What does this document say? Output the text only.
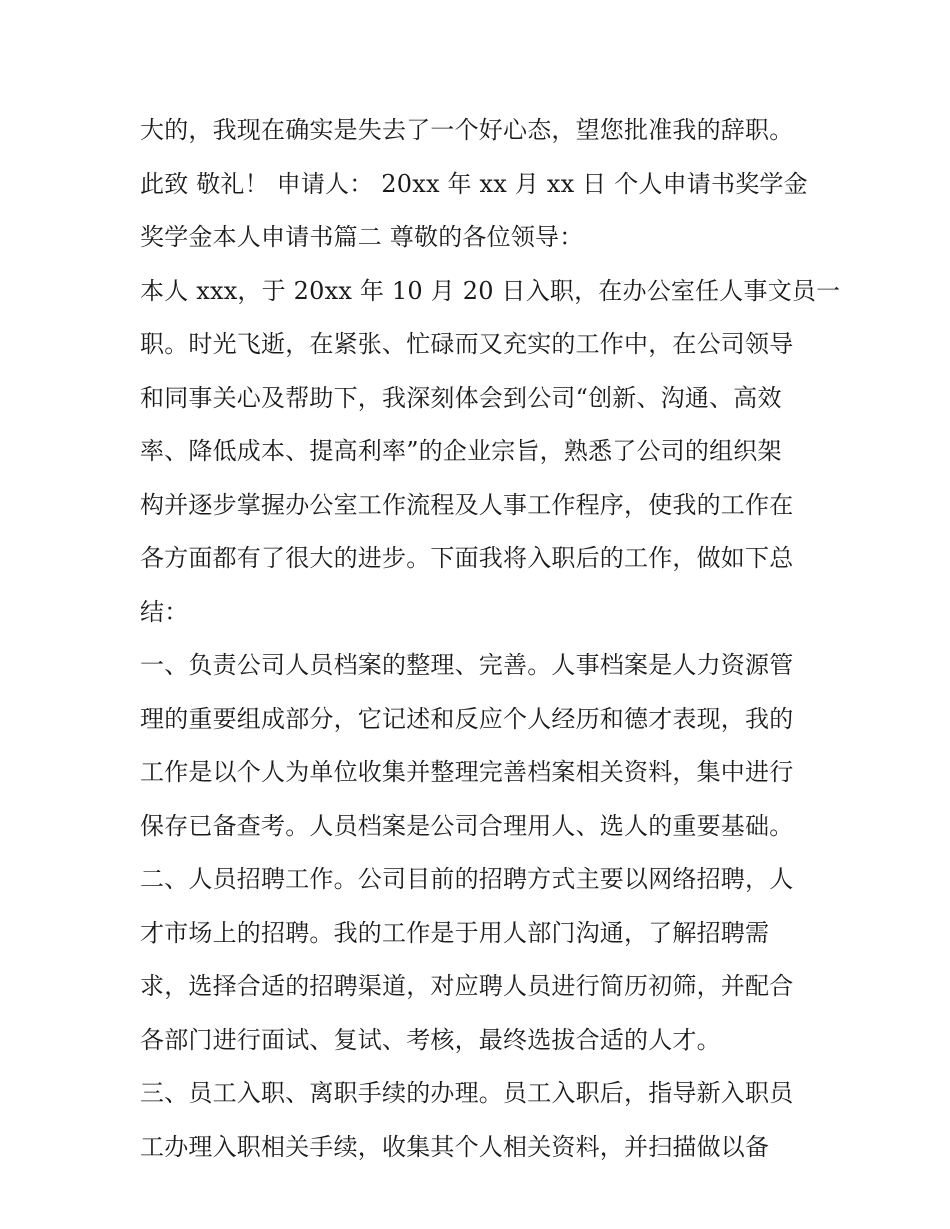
大的，我现在确实是失去了一个好心态，望您批准我的辞职。
此致 敬礼！ 申请人： 20xx 年 xx 月 xx 日 个人申请书奖学金
奖学金本人申请书篇二 尊敬的各位领导：
本人 xxx，于 20xx 年 10 月 20 日入职，在办公室任人事文员一
职。时光飞逝，在紧张、忙碌而又充实的工作中，在公司领导
和同事关心及帮助下，我深刻体会到公司“创新、沟通、高效
率、降低成本、提高利率”的企业宗旨，熟悉了公司的组织架
构并逐步掌握办公室工作流程及人事工作程序，使我的工作在
各方面都有了很大的进步。下面我将入职后的工作，做如下总
结：
一、负责公司人员档案的整理、完善。人事档案是人力资源管
理的重要组成部分，它记述和反应个人经历和德才表现，我的
工作是以个人为单位收集并整理完善档案相关资料，集中进行
保存已备查考。人员档案是公司合理用人、选人的重要基础。
二、人员招聘工作。公司目前的招聘方式主要以网络招聘，人
才市场上的招聘。我的工作是于用人部门沟通，了解招聘需
求，选择合适的招聘渠道，对应聘人员进行简历初筛，并配合
各部门进行面试、复试、考核，最终选拔合适的人才。
三、员工入职、离职手续的办理。员工入职后，指导新入职员
工办理入职相关手续，收集其个人相关资料，并扫描做以备
